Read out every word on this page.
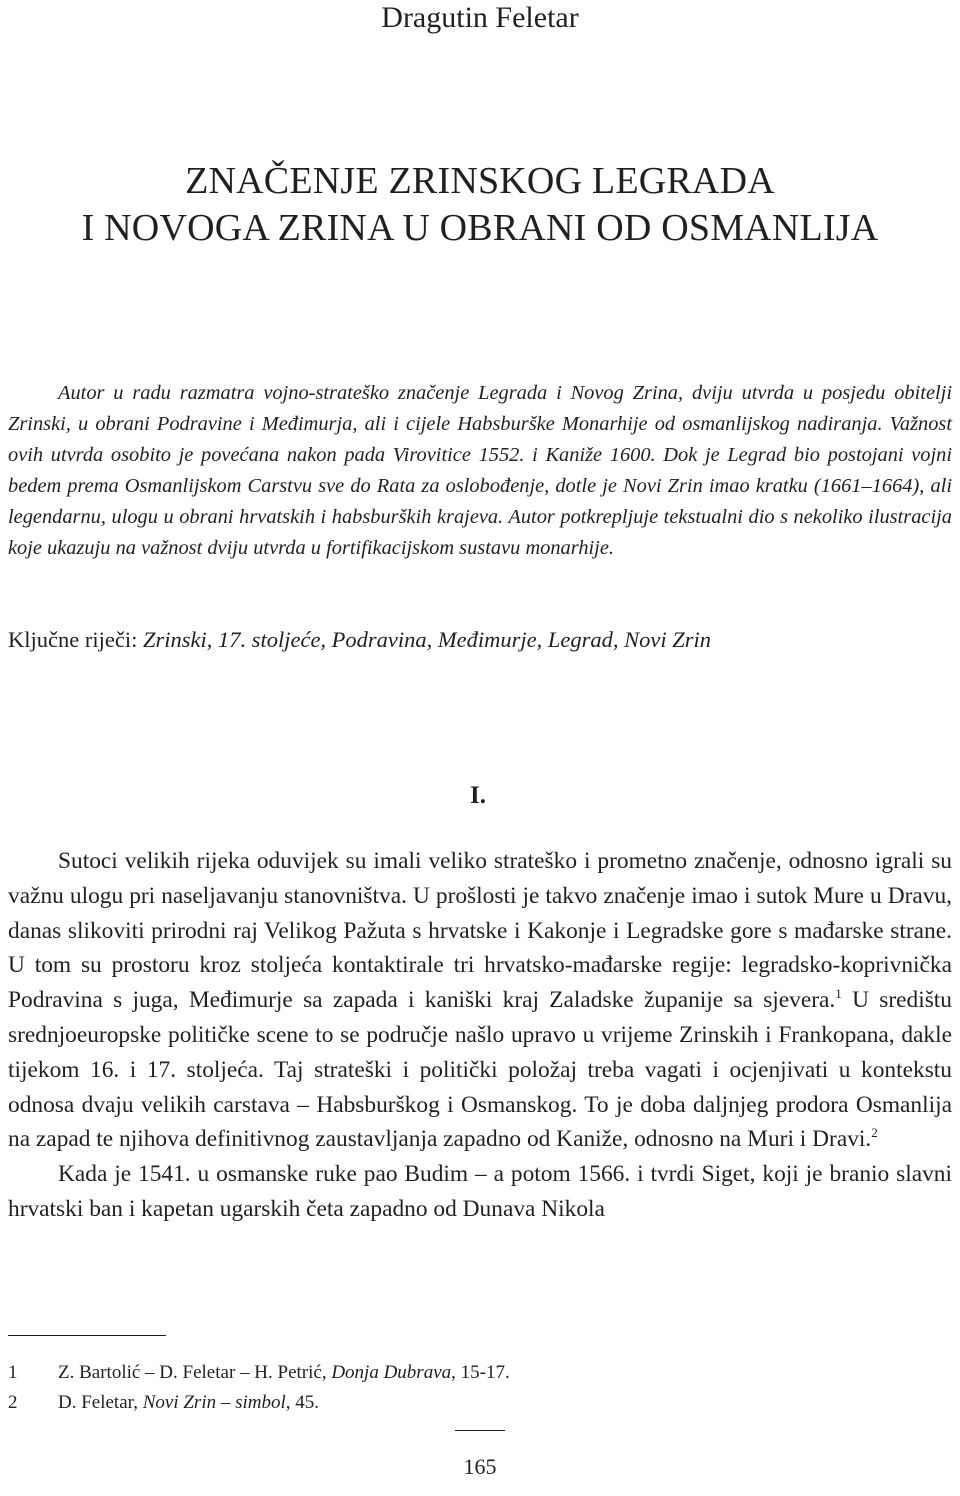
Dragutin Feletar
ZNAČENJE ZRINSKOG LEGRADA
I NOVOGA ZRINA U OBRANI OD OSMANLIJA

Autor u radu razmatra vojno-strateško značenje Legrada i Novog Zrina, dviju utvrda u posjedu obitelji Zrinski, u obrani Podravine i Međimurja, ali i cijele Habsburške Monarhije od osmanlijskog nadiranja. Važnost ovih utvrda osobito je povećana nakon pada Virovitice 1552. i Kaniže 1600. Dok je Legrad bio postojani vojni bedem prema Osmanlijskom Carstvu sve do Rata za oslobođenje, dotle je Novi Zrin imao kratku (1661–1664), ali legendarnu, ulogu u obrani hrvatskih i habsburških krajeva. Autor potkrepljuje tekstualni dio s nekoliko ilustracija koje ukazuju na važnost dviju utvrda u fortifikacijskom sustavu monarhije.

Ključne riječi: Zrinski, 17. stoljeće, Podravina, Međimurje, Legrad, Novi Zrin
I.

Sutoci velikih rijeka oduvijek su imali veliko strateško i prometno značenje, odnosno igrali su važnu ulogu pri naseljavanju stanovništva. U prošlosti je takvo značenje imao i sutok Mure u Dravu, danas slikoviti prirodni raj Velikog Pažuta s hrvatske i Kakonje i Legradske gore s mađarske strane. U tom su prostoru kroz stoljeća kontaktirale tri hrvatsko-mađarske regije: legradsko-koprivnička Podravina s juga, Međimurje sa zapada i kaniški kraj Zaladske županije sa sjevera.$^1$ U središtu srednjoeuropske političke scene to se područje našlo upravo u vrijeme Zrinskih i Frankopana, dakle tijekom 16. i 17. stoljeća. Taj strateški i politički položaj treba vagati i ocjenjivati u kontekstu odnosa dvaju velikih carstava – Habsburškog i Osmanskog. To je doba daljnjeg prodora Osmanlija na zapad te njihova definitivnog zaustavljanja zapadno od Kaniže, odnosno na Muri i Dravi.$^2$

Kada je 1541. u osmanske ruke pao Budim – a potom 1566. i tvrdi Siget, koji je branio slavni hrvatski ban i kapetan ugarskih četa zapadno od Dunava Nikola

1	Z. Bartolić – D. Feletar – H. Petrić, Donja Dubrava, 15-17.
2	D. Feletar, Novi Zrin – simbol, 45.
165
